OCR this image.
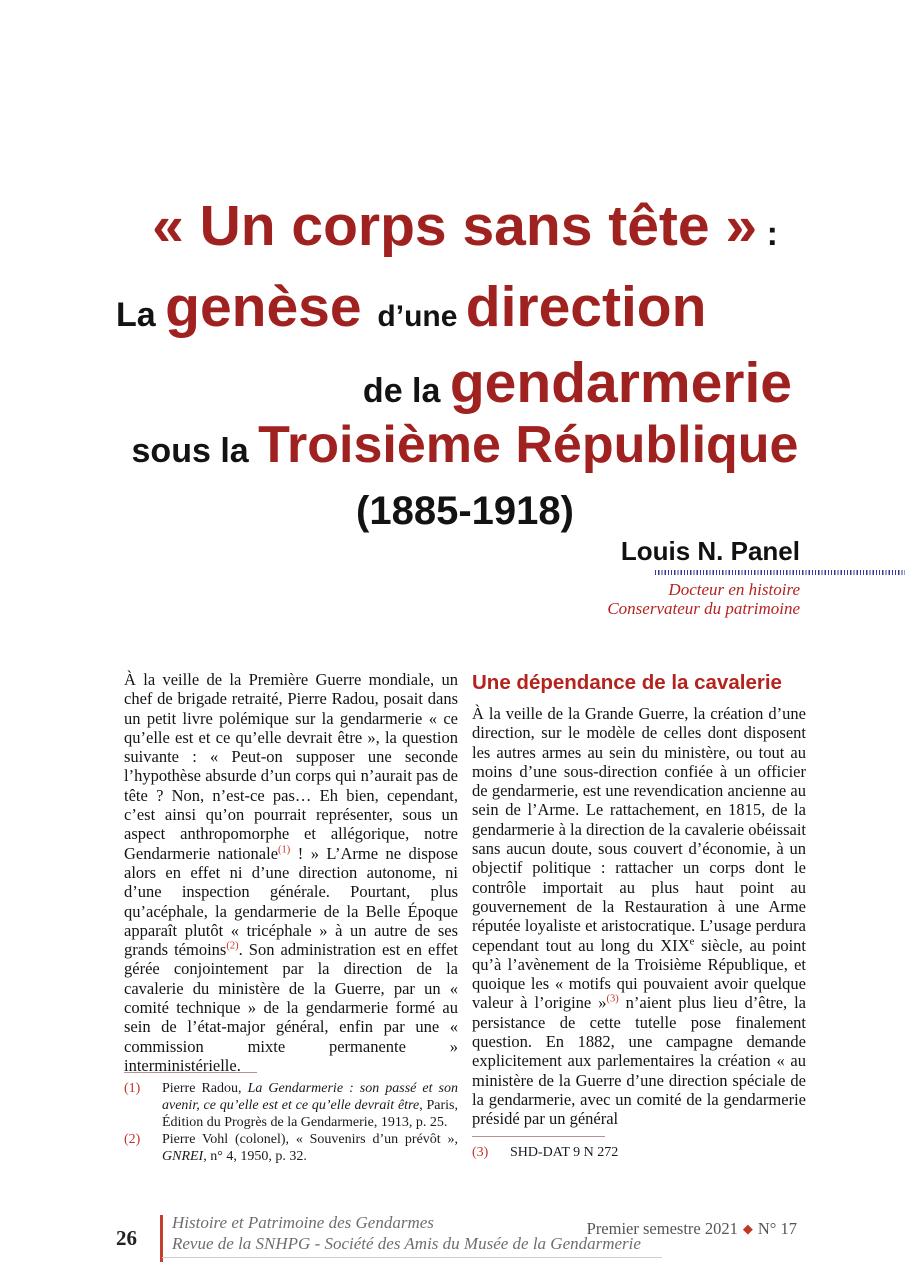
« Un corps sans tête » :
La genèse d’une direction
de la gendarmerie
sous la Troisième République
(1885-1918)
Louis N. Panel
Docteur en histoire
Conservateur du patrimoine

À la veille de la Première Guerre mondiale, un chef de brigade retraité, Pierre Radou, posait dans un petit livre polémique sur la gendarmerie « ce qu’elle est et ce qu’elle devrait être », la question suivante : « Peut-on supposer une seconde l’hypothèse absurde d’un corps qui n’aurait pas de tête ? Non, n’est-ce pas… Eh bien, cependant, c’est ainsi qu’on pourrait représenter, sous un aspect anthropomorphe et allégorique, notre Gendarmerie nationale$^{(1)}$ ! » L’Arme ne dispose alors en effet ni d’une direction autonome, ni d’une inspection générale. Pourtant, plus qu’acéphale, la gendarmerie de la Belle Époque apparaît plutôt « tricéphale » à un autre de ses grands témoins$^{(2)}$. Son administration est en effet gérée conjointement par la direction de la cavalerie du ministère de la Guerre, par un « comité technique » de la gendarmerie formé au sein de l’état-major général, enfin par une « commission mixte permanente » interministérielle.

(1)	Pierre Radou, La Gendarmerie : son passé et son avenir, ce qu’elle est et ce qu’elle devrait être, Paris, Édition du Progrès de la Gendarmerie, 1913, p. 25.
(2)	Pierre Vohl (colonel), « Souvenirs d’un prévôt », GNREI, n° 4, 1950, p. 32.
Une dépendance de la cavalerie

À la veille de la Grande Guerre, la création d’une direction, sur le modèle de celles dont disposent les autres armes au sein du ministère, ou tout au moins d’une sous-direction confiée à un officier de gendarmerie, est une revendication ancienne au sein de l’Arme. Le rattachement, en 1815, de la gendarmerie à la direction de la cavalerie obéissait sans aucun doute, sous couvert d’économie, à un objectif politique : rattacher un corps dont le contrôle importait au plus haut point au gouvernement de la Restauration à une Arme réputée loyaliste et aristocratique. L’usage perdura cependant tout au long du XIXe siècle, au point qu’à l’avènement de la Troisième République, et quoique les « motifs qui pouvaient avoir quelque valeur à l’origine »$^{(3)}$ n’aient plus lieu d’être, la persistance de cette tutelle pose finalement question. En 1882, une campagne demande explicitement aux parlementaires la création « au ministère de la Guerre d’une direction spéciale de la gendarmerie, avec un comité de la gendarmerie présidé par un général

(3)	SHD-DAT 9 N 272
26
Histoire et Patrimoine des Gendarmes
Revue de la SNHPG - Société des Amis du Musée de la Gendarmerie
Premier semestre 2021 ◆ N° 17
